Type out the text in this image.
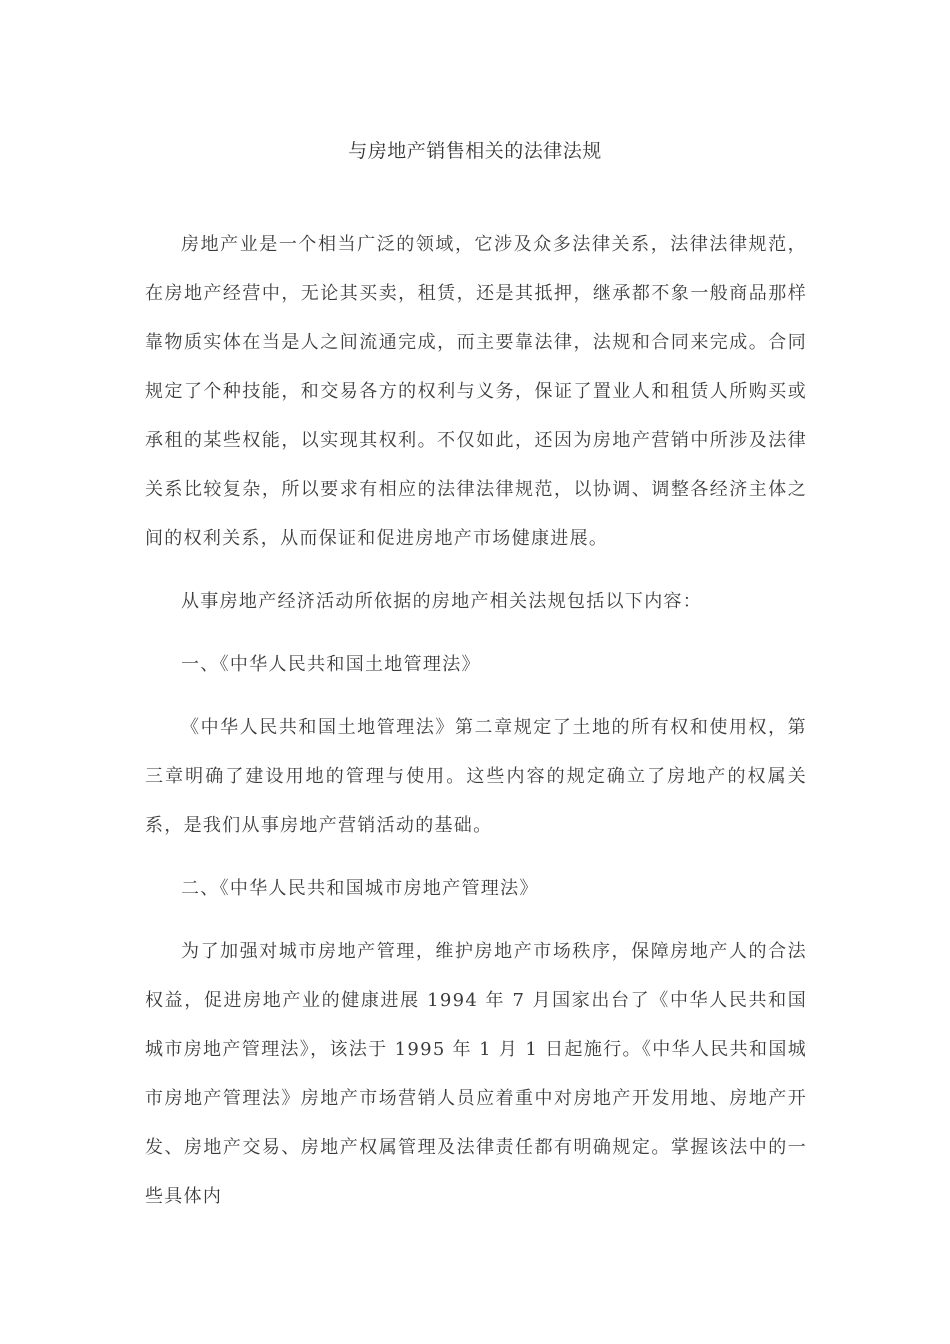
与房地产销售相关的法律法规

房地产业是一个相当广泛的领域，它涉及众多法律关系，法律法律规范，在房地产经营中，无论其买卖，租赁，还是其抵押，继承都不象一般商品那样靠物质实体在当是人之间流通完成，而主要靠法律，法规和合同来完成。合同规定了个种技能，和交易各方的权利与义务，保证了置业人和租赁人所购买或承租的某些权能，以实现其权利。不仅如此，还因为房地产营销中所涉及法律关系比较复杂，所以要求有相应的法律法律规范，以协调、调整各经济主体之间的权利关系，从而保证和促进房地产市场健康进展。

从事房地产经济活动所依据的房地产相关法规包括以下内容：

一、《中华人民共和国土地管理法》

《中华人民共和国土地管理法》第二章规定了土地的所有权和使用权，第三章明确了建设用地的管理与使用。这些内容的规定确立了房地产的权属关系，是我们从事房地产营销活动的基础。

二、《中华人民共和国城市房地产管理法》

为了加强对城市房地产管理，维护房地产市场秩序，保障房地产人的合法权益，促进房地产业的健康进展 1994 年 7 月国家出台了《中华人民共和国城市房地产管理法》，该法于 1995 年 1 月 1 日起施行。《中华人民共和国城市房地产管理法》房地产市场营销人员应着重中对房地产开发用地、房地产开发、房地产交易、房地产权属管理及法律责任都有明确规定。掌握该法中的一些具体内
